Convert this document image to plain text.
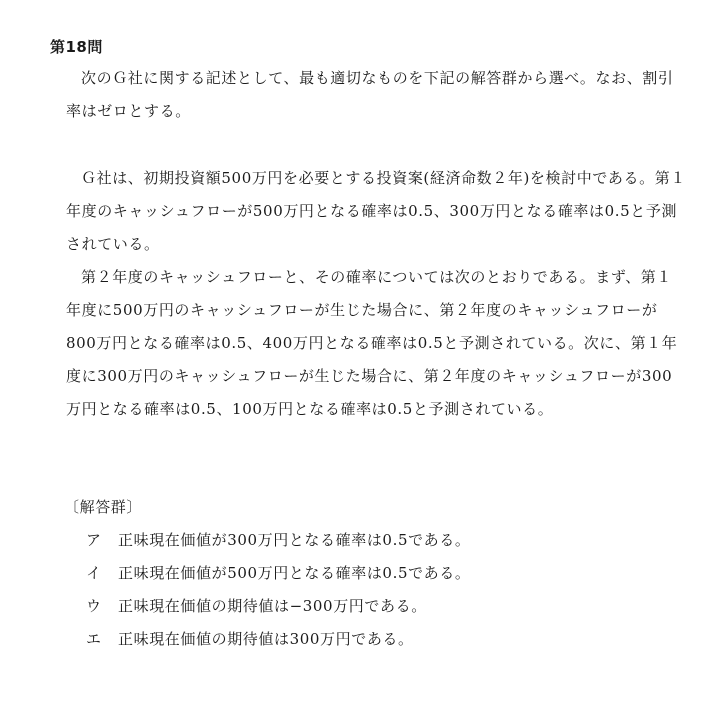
第18問
次のＧ社に関する記述として、最も適切なものを下記の解答群から選べ。なお、割引率はゼロとする。
Ｇ社は、初期投資額500万円を必要とする投資案(経済命数２年)を検討中である。第１年度のキャッシュフローが500万円となる確率は0.5、300万円となる確率は0.5と予測されている。
第２年度のキャッシュフローと、その確率については次のとおりである。まず、第１年度に500万円のキャッシュフローが生じた場合に、第２年度のキャッシュフローが800万円となる確率は0.5、400万円となる確率は0.5と予測されている。次に、第１年度に300万円のキャッシュフローが生じた場合に、第２年度のキャッシュフローが300万円となる確率は0.5、100万円となる確率は0.5と予測されている。
〔解答群〕
ア	正味現在価値が300万円となる確率は0.5である。
イ	正味現在価値が500万円となる確率は0.5である。
ウ	正味現在価値の期待値は−300万円である。
エ	正味現在価値の期待値は300万円である。
